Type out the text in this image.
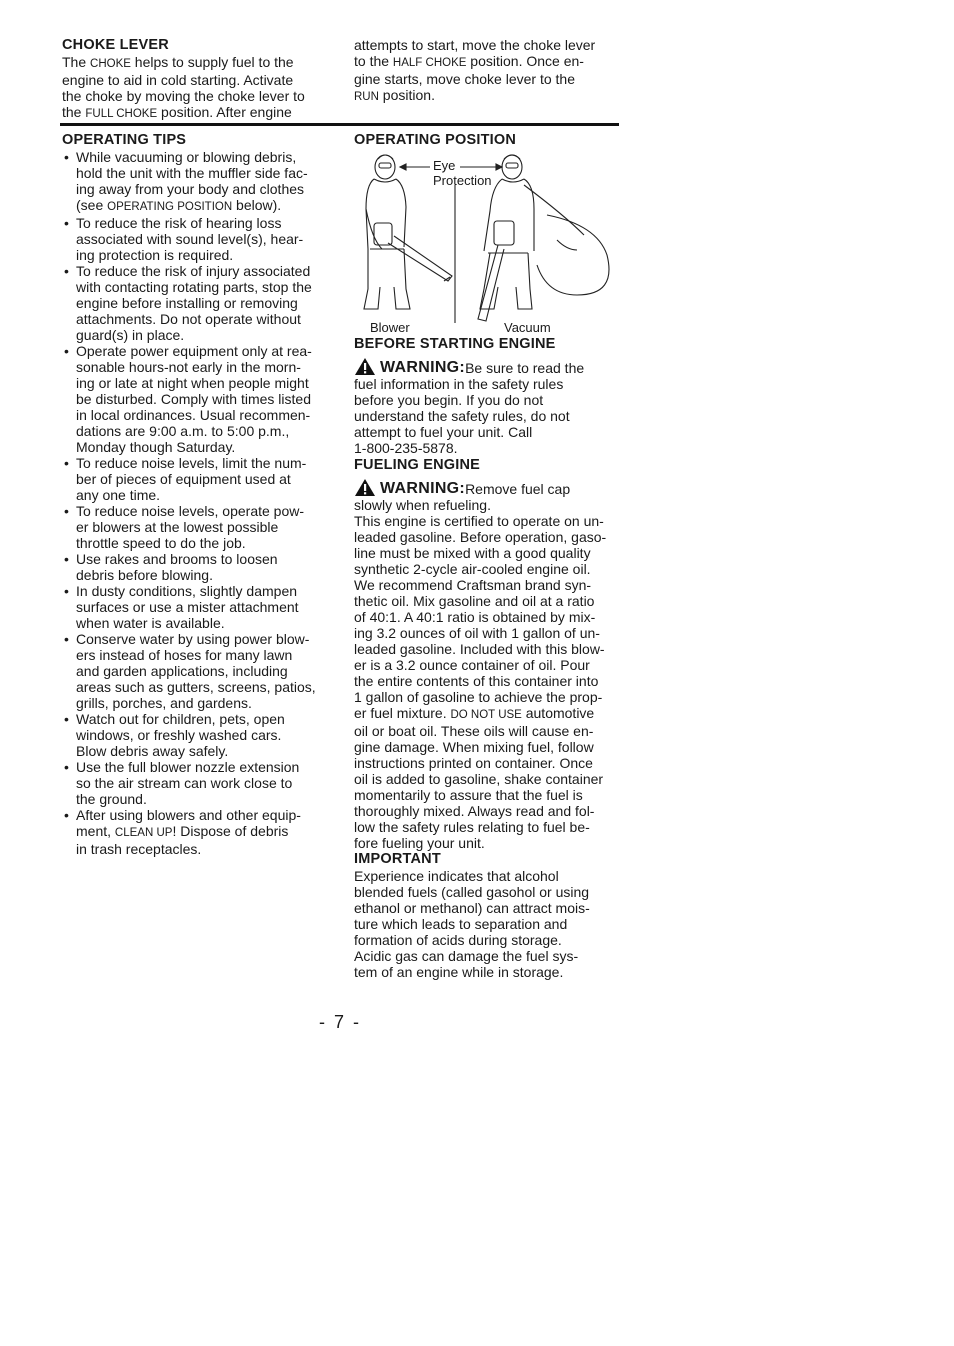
CHOKE LEVER
The CHOKE helps to supply fuel to the
engine to aid in cold starting. Activate
the choke by moving the choke lever to
the FULL CHOKE position. After engine
attempts to start, move the choke lever
to the HALF CHOKE position. Once en-
gine starts, move choke lever to the
RUN position.
OPERATING TIPS
• While vacuuming or blowing debris,
hold the unit with the muffler side fac-
ing away from your body and clothes
(see OPERATING POSITION below).
• To reduce the risk of hearing loss
associated with sound level(s), hear-
ing protection is required.
• To reduce the risk of injury associated
with contacting rotating parts, stop the
engine before installing or removing
attachments. Do not operate without
guard(s) in place.
• Operate power equipment only at rea-
sonable hours-not early in the morn-
ing or late at night when people might
be disturbed. Comply with times listed
in local ordinances. Usual recommen-
dations are 9:00 a.m. to 5:00 p.m.,
Monday though Saturday.
• To reduce noise levels, limit the num-
ber of pieces of equipment used at
any one time.
• To reduce noise levels, operate pow-
er blowers at the lowest possible
throttle speed to do the job.
• Use rakes and brooms to loosen
debris before blowing.
• In dusty conditions, slightly dampen
surfaces or use a mister attachment
when water is available.
• Conserve water by using power blow-
ers instead of hoses for many lawn
and garden applications, including
areas such as gutters, screens, patios,
grills, porches, and gardens.
• Watch out for children, pets, open
windows, or freshly washed cars.
Blow debris away safely.
• Use the full blower nozzle extension
so the air stream can work close to
the ground.
• After using blowers and other equip-
ment, CLEAN UP! Dispose of debris
in trash receptacles.
OPERATING POSITION
Eye
Protection
Blower	Vacuum
BEFORE STARTING ENGINE
WARNING: Be sure to read the
fuel information in the safety rules
before you begin. If you do not
understand the safety rules, do not
attempt to fuel your unit. Call
1-800-235-5878.
FUELING ENGINE
WARNING: Remove fuel cap
slowly when refueling.
This engine is certified to operate on un-
leaded gasoline. Before operation, gaso-
line must be mixed with a good quality
synthetic 2-cycle air-cooled engine oil.
We recommend Craftsman brand syn-
thetic oil. Mix gasoline and oil at a ratio
of 40:1. A 40:1 ratio is obtained by mix-
ing 3.2 ounces of oil with 1 gallon of un-
leaded gasoline. Included with this blow-
er is a 3.2 ounce container of oil. Pour
the entire contents of this container into
1 gallon of gasoline to achieve the prop-
er fuel mixture. DO NOT USE automotive
oil or boat oil. These oils will cause en-
gine damage. When mixing fuel, follow
instructions printed on container. Once
oil is added to gasoline, shake container
momentarily to assure that the fuel is
thoroughly mixed. Always read and fol-
low the safety rules relating to fuel be-
fore fueling your unit.
IMPORTANT
Experience indicates that alcohol
blended fuels (called gasohol or using
ethanol or methanol) can attract mois-
ture which leads to separation and
formation of acids during storage.
Acidic gas can damage the fuel sys-
tem of an engine while in storage.
- 7 -
